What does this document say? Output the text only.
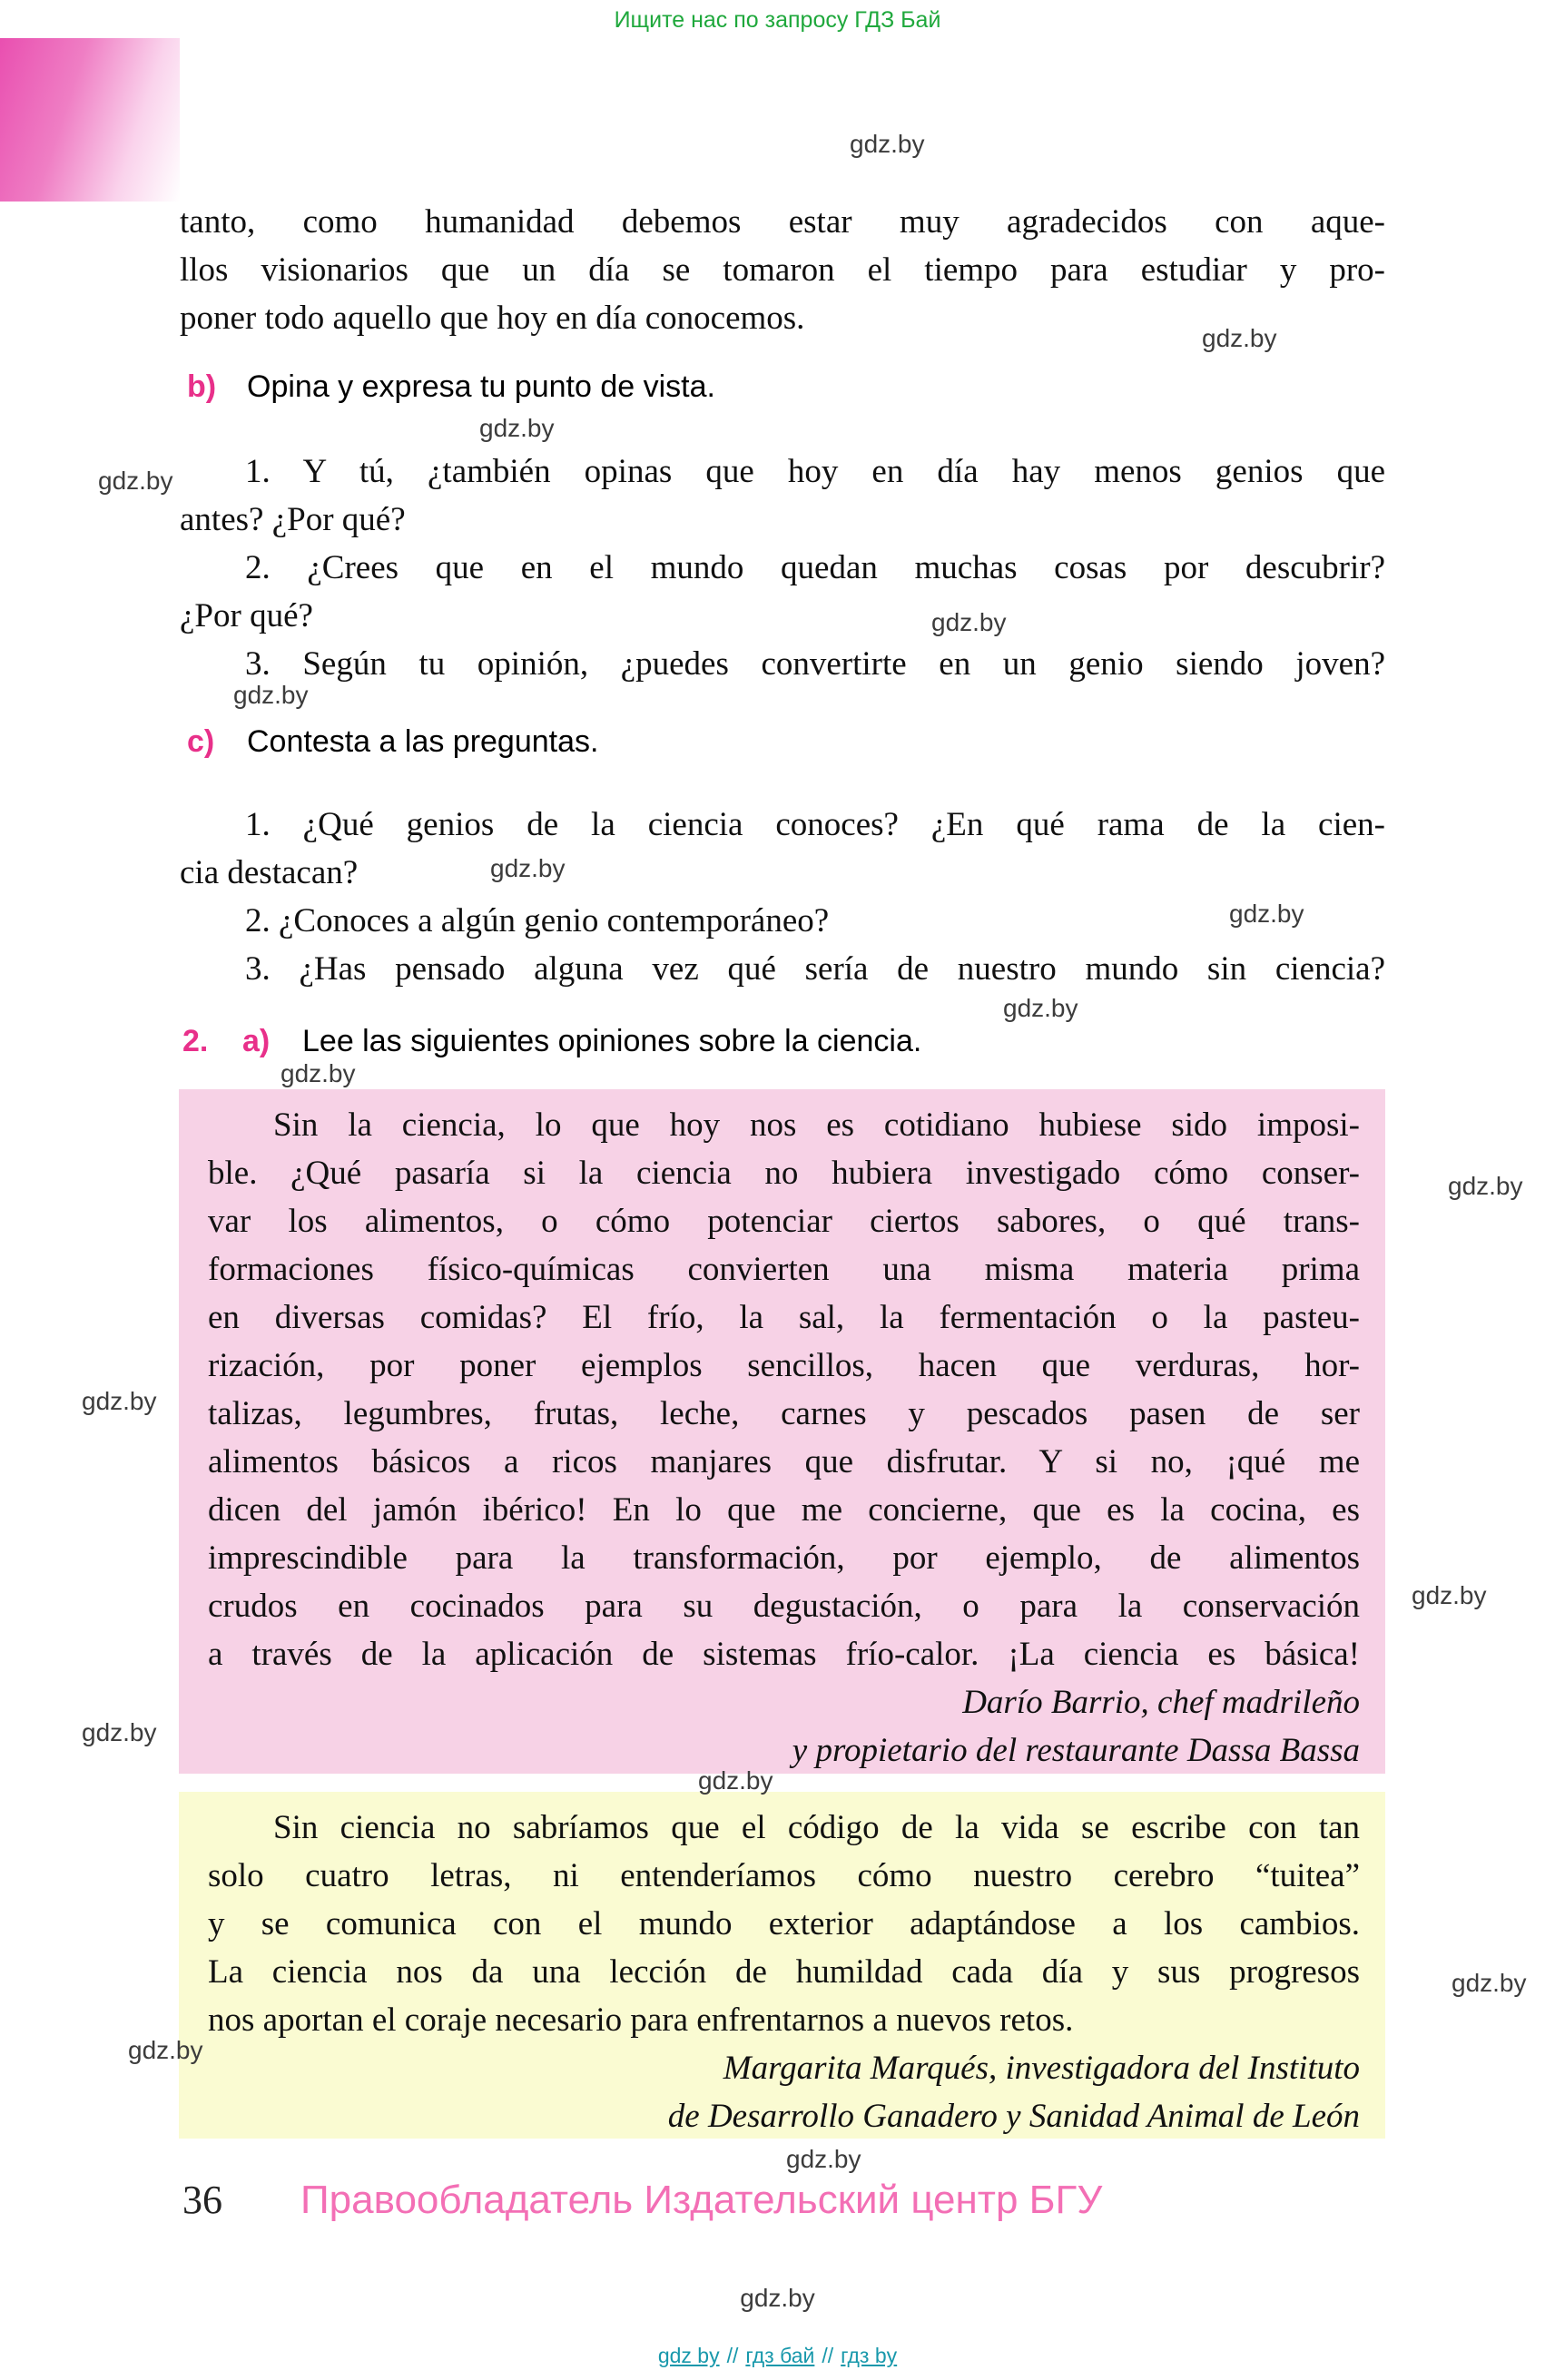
Ищите нас по запросу ГДЗ Бай
gdz.by
gdz.by
gdz.by
gdz.by
gdz.by
gdz.by
gdz.by
gdz.by
gdz.by
gdz.by
gdz.by
gdz.by
gdz.by
gdz.by
gdz.by
gdz.by
gdz.by
gdz.by
tanto, como humanidad debemos estar muy agradecidos con aque-
llos visionarios que un día se tomaron el tiempo para estudiar y pro-
poner todo aquello que hoy en día conocemos.
b) Opina y expresa tu punto de vista.
1. Y tú, ¿también opinas que hoy en día hay menos genios que
antes? ¿Por qué?
2. ¿Crees que en el mundo quedan muchas cosas por descubrir?
¿Por qué?
3. Según tu opinión, ¿puedes convertirte en un genio siendo joven?
c) Contesta a las preguntas.
1. ¿Qué genios de la ciencia conoces? ¿En qué rama de la cien-
cia destacan?
2. ¿Conoces a algún genio contemporáneo?
3. ¿Has pensado alguna vez qué sería de nuestro mundo sin ciencia?
2. a) Lee las siguientes opiniones sobre la ciencia.
Sin la ciencia, lo que hoy nos es cotidiano hubiese sido imposi-
ble. ¿Qué pasaría si la ciencia no hubiera investigado cómo conser-
var los alimentos, o cómo potenciar ciertos sabores, o qué trans-
formaciones físico-químicas convierten una misma materia prima
en diversas comidas? El frío, la sal, la fermentación o la pasteu-
rización, por poner ejemplos sencillos, hacen que verduras, hor-
talizas, legumbres, frutas, leche, carnes y pescados pasen de ser
alimentos básicos a ricos manjares que disfrutar. Y si no, ¡qué me
dicen del jamón ibérico! En lo que me concierne, que es la cocina, es
imprescindible para la transformación, por ejemplo, de alimentos
crudos en cocinados para su degustación, o para la conservación
a través de la aplicación de sistemas frío-calor. ¡La ciencia es básica!
Darío Barrio, chef madrileño
y propietario del restaurante Dassa Bassa
Sin ciencia no sabríamos que el código de la vida se escribe con tan
solo cuatro letras, ni entenderíamos cómo nuestro cerebro “tuitea”
y se comunica con el mundo exterior adaptándose a los cambios.
La ciencia nos da una lección de humildad cada día y sus progresos
nos aportan el coraje necesario para enfrentarnos a nuevos retos.
Margarita Marqués, investigadora del Instituto
de Desarrollo Ganadero y Sanidad Animal de León
36 Правообладатель Издательский центр БГУ
gdz.by
gdz by // гдз бай // гдз by
